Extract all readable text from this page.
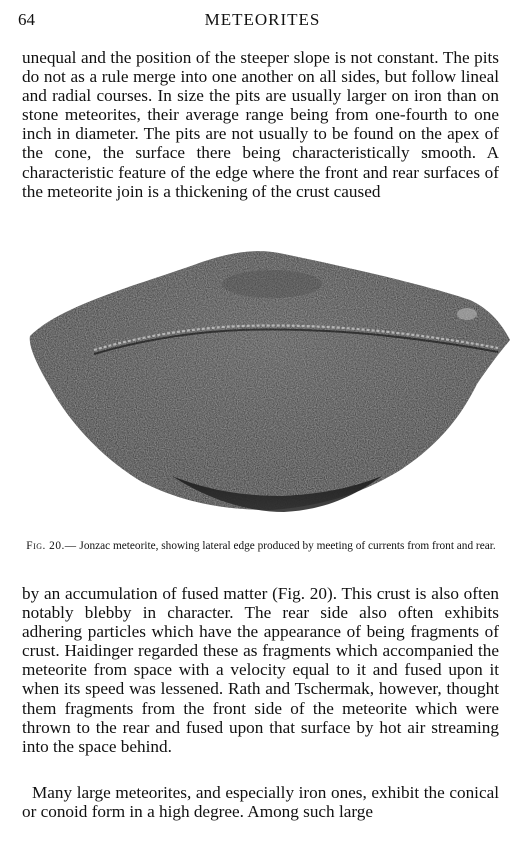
64	METEORITES

unequal and the position of the steeper slope is not constant. The pits do not as a rule merge into one another on all sides, but follow lineal and radial courses. In size the pits are usually larger on iron than on stone meteorites, their average range being from one-fourth to one inch in diameter. The pits are not usually to be found on the apex of the cone, the surface there being characteristically smooth. A characteristic feature of the edge where the front and rear surfaces of the meteorite join is a thickening of the crust caused

Fig. 20.— Jonzac meteorite, showing lateral edge produced by meeting of currents from front and rear.

by an accumulation of fused matter (Fig. 20). This crust is also often notably blebby in character. The rear side also often exhibits adhering particles which have the appearance of being fragments of crust. Haidinger regarded these as fragments which accompanied the meteorite from space with a velocity equal to it and fused upon it when its speed was lessened. Rath and Tschermak, however, thought them fragments from the front side of the meteorite which were thrown to the rear and fused upon that surface by hot air streaming into the space behind.

Many large meteorites, and especially iron ones, exhibit the conical or conoid form in a high degree. Among such large
